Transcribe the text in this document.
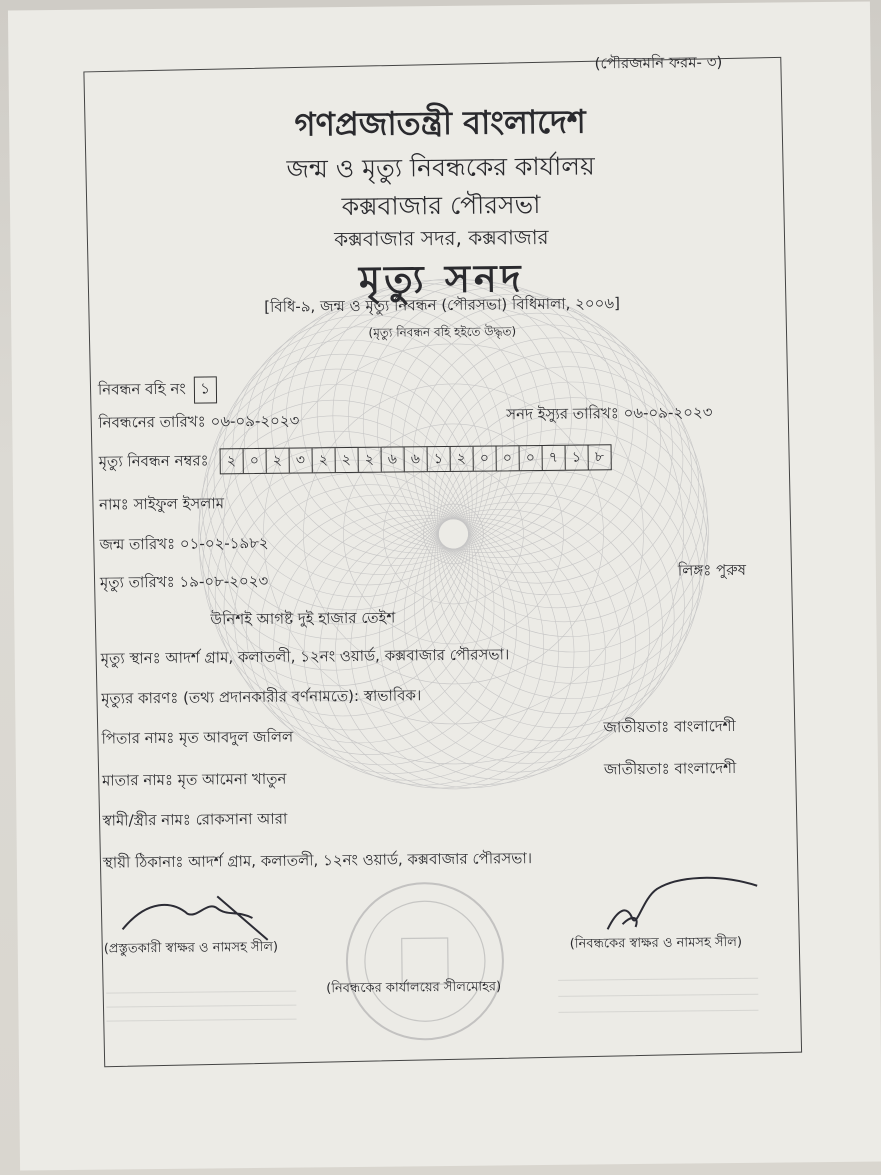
(পৌরজমনি ফরম- ৩)
গণপ্রজাতন্ত্রী বাংলাদেশ
জন্ম ও মৃত্যু নিবন্ধকের কার্যালয়
কক্সবাজার পৌরসভা
কক্সবাজার সদর, কক্সবাজার
মৃত্যু সনদ
[বিধি-৯, জন্ম ও মৃত্যু নিবন্ধন (পৌরসভা) বিধিমালা, ২০০৬]
(মৃত্যু নিবন্ধন বহি হইতে উদ্ধৃত)
নিবন্ধন বহি নং ১
নিবন্ধনের তারিখঃ ০৬-০৯-২০২৩	সনদ ইস্যুর তারিখঃ ০৬-০৯-২০২৩
মৃত্যু নিবন্ধন নম্বরঃ ২ ০ ২ ৩ ২ ২ ২ ৬ ৬ ১ ২ ০ ০ ০ ৭ ১ ৮
নামঃ সাইফুল ইসলাম
জন্ম তারিখঃ ০১-০২-১৯৮২
মৃত্যু তারিখঃ ১৯-০৮-২০২৩
লিঙ্গঃ পুরুষ
উনিশই আগষ্ট দুই হাজার তেইশ
মৃত্যু স্থানঃ আদর্শ গ্রাম, কলাতলী, ১২নং ওয়ার্ড, কক্সবাজার পৌরসভা।
মৃত্যুর কারণঃ (তথ্য প্রদানকারীর বর্ণনামতে): স্বাভাবিক।
পিতার নামঃ মৃত আবদুল জলিল
জাতীয়তাঃ বাংলাদেশী
মাতার নামঃ মৃত আমেনা খাতুন
জাতীয়তাঃ বাংলাদেশী
স্বামী/স্ত্রীর নামঃ রোকসানা আরা
স্থায়ী ঠিকানাঃ আদর্শ গ্রাম, কলাতলী, ১২নং ওয়ার্ড, কক্সবাজার পৌরসভা।
(প্রস্তুতকারী স্বাক্ষর ও নামসহ সীল)	(নিবন্ধকের স্বাক্ষর ও নামসহ সীল)
(নিবন্ধকের কার্যালয়ের সীলমোহর)
